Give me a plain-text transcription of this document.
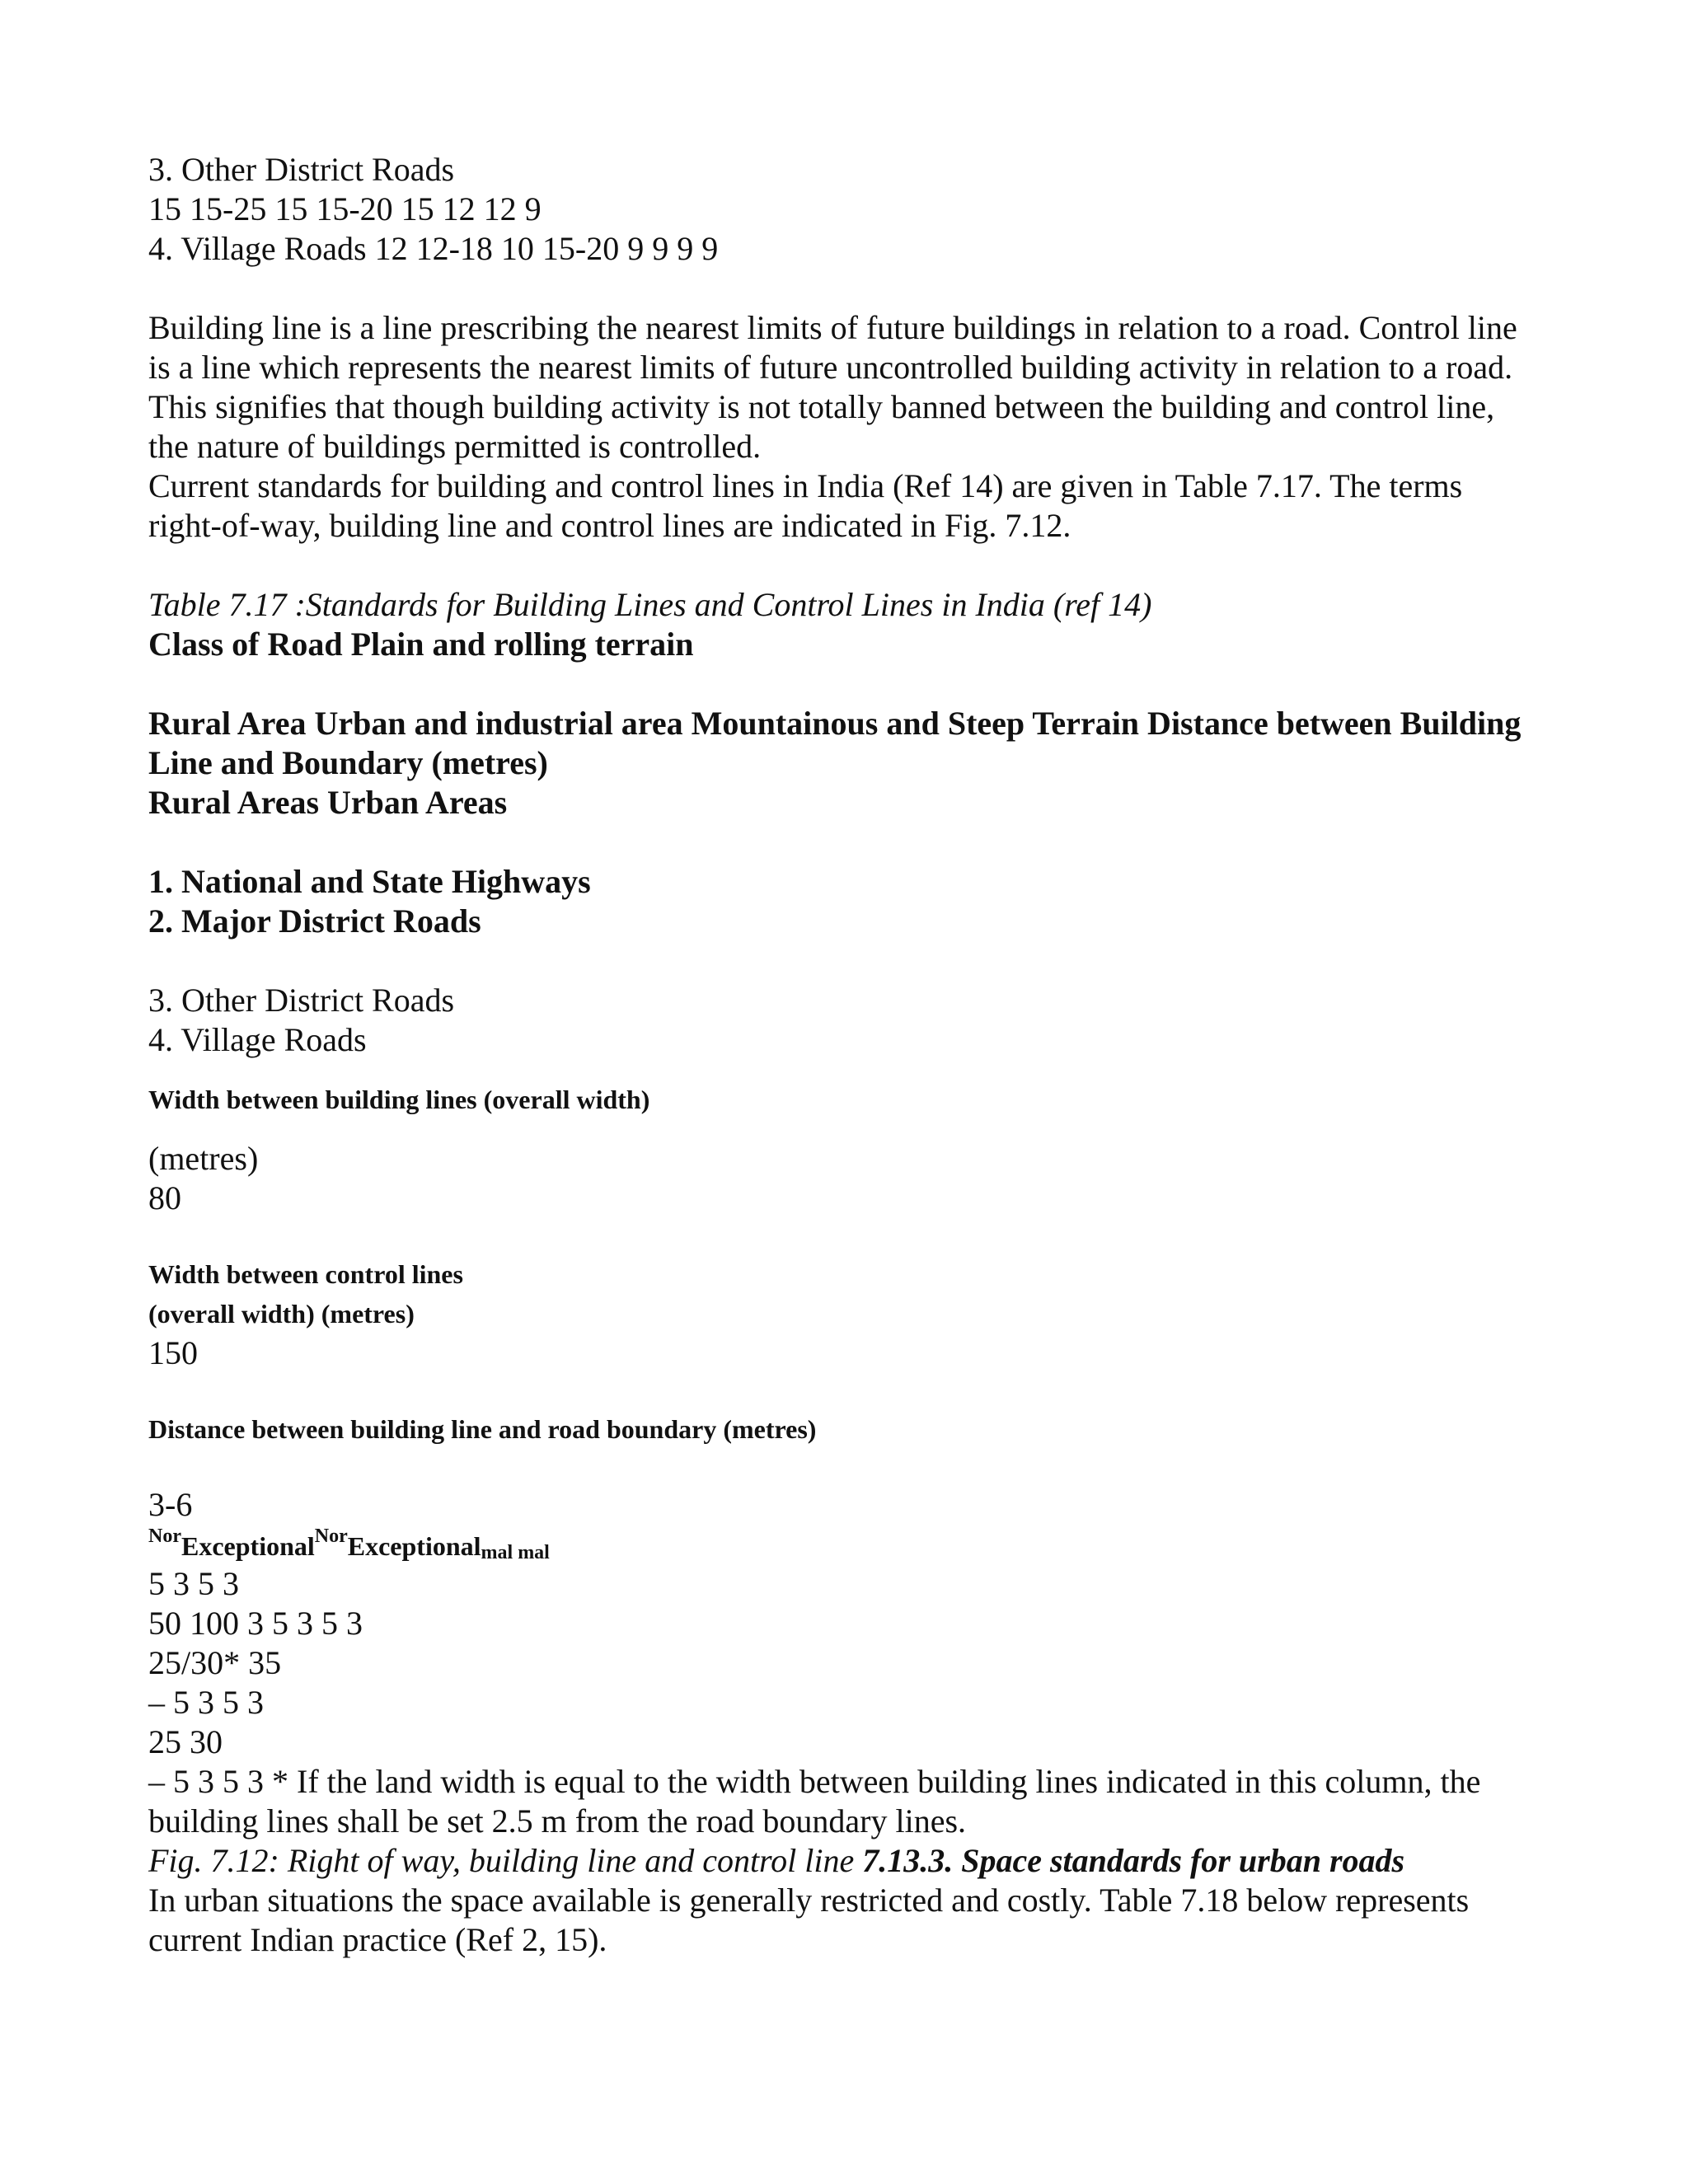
3. Other District Roads
15 15-25 15 15-20 15 12 12 9
4. Village Roads 12 12-18 10 15-20 9 9 9 9
Building line is a line prescribing the nearest limits of future buildings in relation to a road. Control line
is a line which represents the nearest limits of future uncontrolled building activity in relation to a road.
This signifies that though building activity is not totally banned between the building and control line,
the nature of buildings permitted is controlled.
Current standards for building and control lines in India (Ref 14) are given in Table 7.17. The terms
right-of-way, building line and control lines are indicated in Fig. 7.12.
Table 7.17 :Standards for Building Lines and Control Lines in India (ref 14)
Class of Road Plain and rolling terrain
Rural Area Urban and industrial area Mountainous and Steep Terrain Distance between Building
Line and Boundary (metres)
Rural Areas Urban Areas
1. National and State Highways
2. Major District Roads
3. Other District Roads
4. Village Roads
Width between building lines (overall width)
(metres)
80
Width between control lines
(overall width) (metres)
150
Distance between building line and road boundary (metres)
3-6
NorExceptionalNorExceptionalmal mal
5 3 5 3
50 100 3 5 3 5 3
25/30* 35
– 5 3 5 3
25 30
– 5 3 5 3 * If the land width is equal to the width between building lines indicated in this column, the
building lines shall be set 2.5 m from the road boundary lines.
Fig. 7.12: Right of way, building line and control line 7.13.3. Space standards for urban roads
In urban situations the space available is generally restricted and costly. Table 7.18 below represents
current Indian practice (Ref 2, 15).
